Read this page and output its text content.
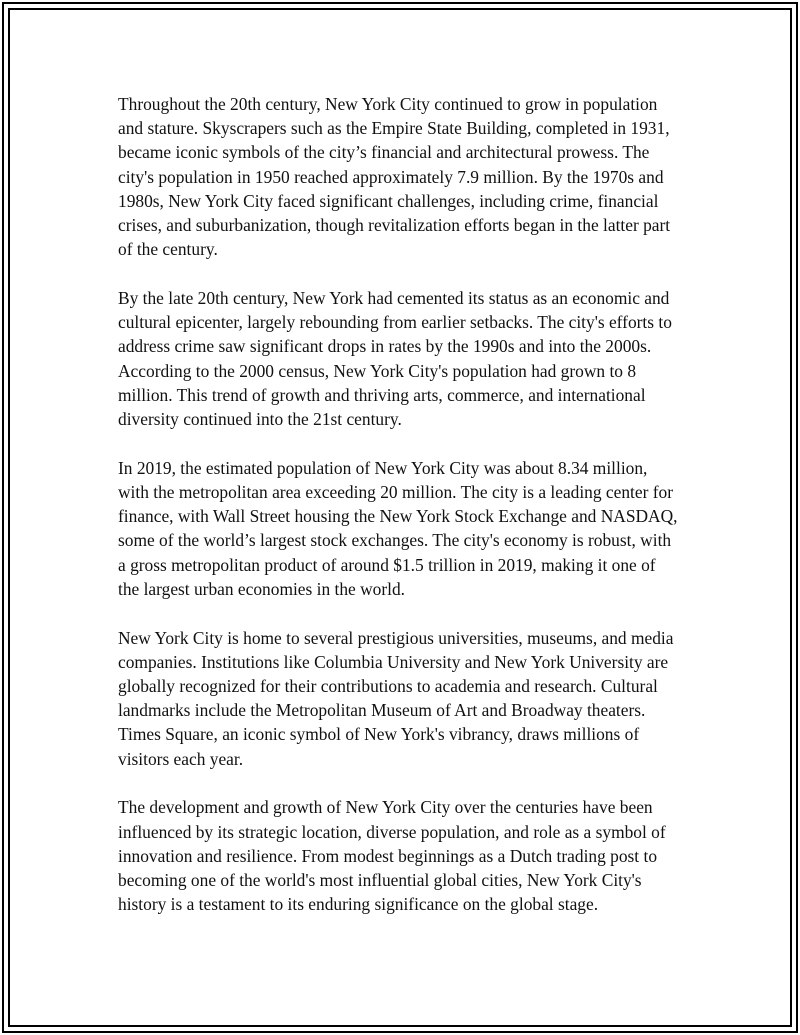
Throughout the 20th century, New York City continued to grow in population and stature. Skyscrapers such as the Empire State Building, completed in 1931, became iconic symbols of the city’s financial and architectural prowess. The city's population in 1950 reached approximately 7.9 million. By the 1970s and 1980s, New York City faced significant challenges, including crime, financial crises, and suburbanization, though revitalization efforts began in the latter part of the century.

By the late 20th century, New York had cemented its status as an economic and cultural epicenter, largely rebounding from earlier setbacks. The city's efforts to address crime saw significant drops in rates by the 1990s and into the 2000s. According to the 2000 census, New York City's population had grown to 8 million. This trend of growth and thriving arts, commerce, and international diversity continued into the 21st century.

In 2019, the estimated population of New York City was about 8.34 million, with the metropolitan area exceeding 20 million. The city is a leading center for finance, with Wall Street housing the New York Stock Exchange and NASDAQ, some of the world’s largest stock exchanges. The city's economy is robust, with a gross metropolitan product of around $1.5 trillion in 2019, making it one of the largest urban economies in the world.

New York City is home to several prestigious universities, museums, and media companies. Institutions like Columbia University and New York University are globally recognized for their contributions to academia and research. Cultural landmarks include the Metropolitan Museum of Art and Broadway theaters. Times Square, an iconic symbol of New York's vibrancy, draws millions of visitors each year.

The development and growth of New York City over the centuries have been influenced by its strategic location, diverse population, and role as a symbol of innovation and resilience. From modest beginnings as a Dutch trading post to becoming one of the world's most influential global cities, New York City's history is a testament to its enduring significance on the global stage.
